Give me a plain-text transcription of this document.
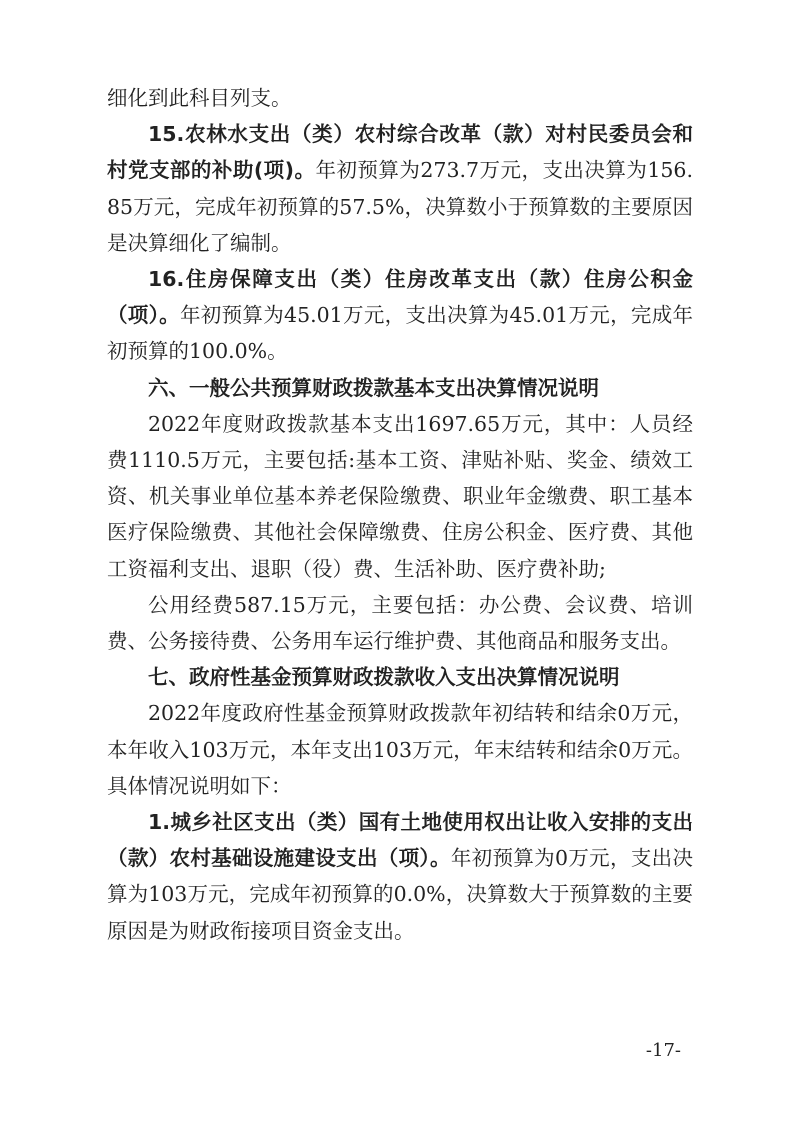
细化到此科目列支。

15.农林水支出（类）农村综合改革（款）对村民委员会和村党支部的补助(项)。年初预算为273.7万元，支出决算为156.85万元，完成年初预算的57.5%，决算数小于预算数的主要原因是决算细化了编制。

16.住房保障支出（类）住房改革支出（款）住房公积金（项）。年初预算为45.01万元，支出决算为45.01万元，完成年初预算的100.0%。

六、一般公共预算财政拨款基本支出决算情况说明

2022年度财政拨款基本支出1697.65万元，其中：人员经费1110.5万元，主要包括:基本工资、津贴补贴、奖金、绩效工资、机关事业单位基本养老保险缴费、职业年金缴费、职工基本医疗保险缴费、其他社会保障缴费、住房公积金、医疗费、其他工资福利支出、退职（役）费、生活补助、医疗费补助;

公用经费587.15万元，主要包括：办公费、会议费、培训费、公务接待费、公务用车运行维护费、其他商品和服务支出。

七、政府性基金预算财政拨款收入支出决算情况说明

2022年度政府性基金预算财政拨款年初结转和结余0万元，本年收入103万元，本年支出103万元，年末结转和结余0万元。具体情况说明如下：

1.城乡社区支出（类）国有土地使用权出让收入安排的支出（款）农村基础设施建设支出（项）。年初预算为0万元，支出决算为103万元，完成年初预算的0.0%，决算数大于预算数的主要原因是为财政衔接项目资金支出。

-17-
